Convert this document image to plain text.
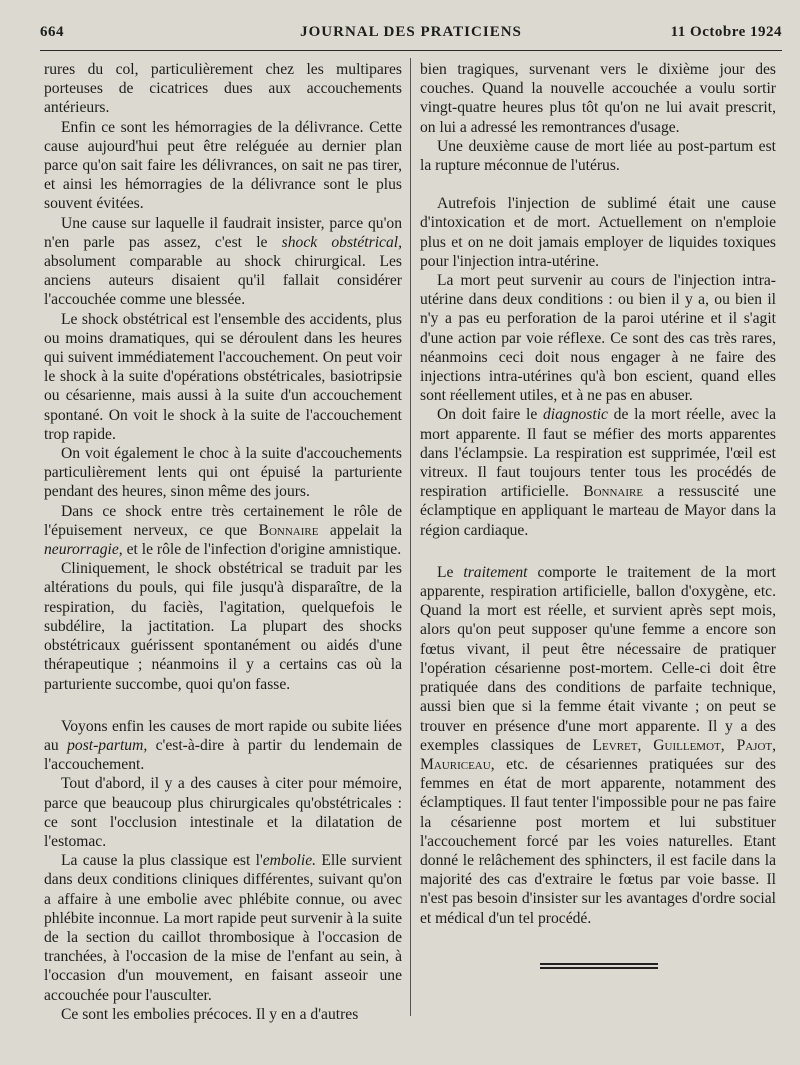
664	JOURNAL DES PRATICIENS	11 Octobre 1924

rures du col, particulièrement chez les multipares porteuses de cicatrices dues aux accouchements antérieurs.

Enfin ce sont les hémorragies de la délivrance. Cette cause aujourd'hui peut être reléguée au dernier plan parce qu'on sait faire les délivrances, on sait ne pas tirer, et ainsi les hémorragies de la délivrance sont le plus souvent évitées.

Une cause sur laquelle il faudrait insister, parce qu'on n'en parle pas assez, c'est le shock obstétrical, absolument comparable au shock chirurgical. Les anciens auteurs disaient qu'il fallait considérer l'accouchée comme une blessée.

Le shock obstétrical est l'ensemble des accidents, plus ou moins dramatiques, qui se déroulent dans les heures qui suivent immédiatement l'accouchement. On peut voir le shock à la suite d'opérations obstétricales, basiotripsie ou césarienne, mais aussi à la suite d'un accouchement spontané. On voit le shock à la suite de l'accouchement trop rapide.

On voit également le choc à la suite d'accouchements particulièrement lents qui ont épuisé la parturiente pendant des heures, sinon même des jours.

Dans ce shock entre très certainement le rôle de l'épuisement nerveux, ce que Bonnaire appelait la neurorragie, et le rôle de l'infection d'origine amnistique.

Cliniquement, le shock obstétrical se traduit par les altérations du pouls, qui file jusqu'à disparaître, de la respiration, du faciès, l'agitation, quelquefois le subdélire, la jactitation. La plupart des shocks obstétricaux guérissent spontanément ou aidés d'une thérapeutique ; néanmoins il y a certains cas où la parturiente succombe, quoi qu'on fasse.

Voyons enfin les causes de mort rapide ou subite liées au post-partum, c'est-à-dire à partir du lendemain de l'accouchement.

Tout d'abord, il y a des causes à citer pour mémoire, parce que beaucoup plus chirurgicales qu'obstétricales : ce sont l'occlusion intestinale et la dilatation de l'estomac.

La cause la plus classique est l'embolie. Elle survient dans deux conditions cliniques différentes, suivant qu'on a affaire à une embolie avec phlébite connue, ou avec phlébite inconnue. La mort rapide peut survenir à la suite de la section du caillot thrombosique à l'occasion de tranchées, à l'occasion de la mise de l'enfant au sein, à l'occasion d'un mouvement, en faisant asseoir une accouchée pour l'ausculter.

Ce sont les embolies précoces. Il y en a d'autres

bien tragiques, survenant vers le dixième jour des couches. Quand la nouvelle accouchée a voulu sortir vingt-quatre heures plus tôt qu'on ne lui avait prescrit, on lui a adressé les remontrances d'usage.

Une deuxième cause de mort liée au post-partum est la rupture méconnue de l'utérus.

Autrefois l'injection de sublimé était une cause d'intoxication et de mort. Actuellement on n'emploie plus et on ne doit jamais employer de liquides toxiques pour l'injection intra-utérine.

La mort peut survenir au cours de l'injection intra-utérine dans deux conditions : ou bien il y a, ou bien il n'y a pas eu perforation de la paroi utérine et il s'agit d'une action par voie réflexe. Ce sont des cas très rares, néanmoins ceci doit nous engager à ne faire des injections intra-utérines qu'à bon escient, quand elles sont réellement utiles, et à ne pas en abuser.

On doit faire le diagnostic de la mort réelle, avec la mort apparente. Il faut se méfier des morts apparentes dans l'éclampsie. La respiration est supprimée, l'œil est vitreux. Il faut toujours tenter tous les procédés de respiration artificielle. Bonnaire a ressuscité une éclamptique en appliquant le marteau de Mayor dans la région cardiaque.

Le traitement comporte le traitement de la mort apparente, respiration artificielle, ballon d'oxygène, etc. Quand la mort est réelle, et survient après sept mois, alors qu'on peut supposer qu'une femme a encore son fœtus vivant, il peut être nécessaire de pratiquer l'opération césarienne post-mortem. Celle-ci doit être pratiquée dans des conditions de parfaite technique, aussi bien que si la femme était vivante ; on peut se trouver en présence d'une mort apparente. Il y a des exemples classiques de Levret, Guillemot, Pajot, Mauriceau, etc. de césariennes pratiquées sur des femmes en état de mort apparente, notamment des éclamptiques. Il faut tenter l'impossible pour ne pas faire la césarienne post mortem et lui substituer l'accouchement forcé par les voies naturelles. Etant donné le relâchement des sphincters, il est facile dans la majorité des cas d'extraire le fœtus par voie basse. Il n'est pas besoin d'insister sur les avantages d'ordre social et médical d'un tel procédé.
